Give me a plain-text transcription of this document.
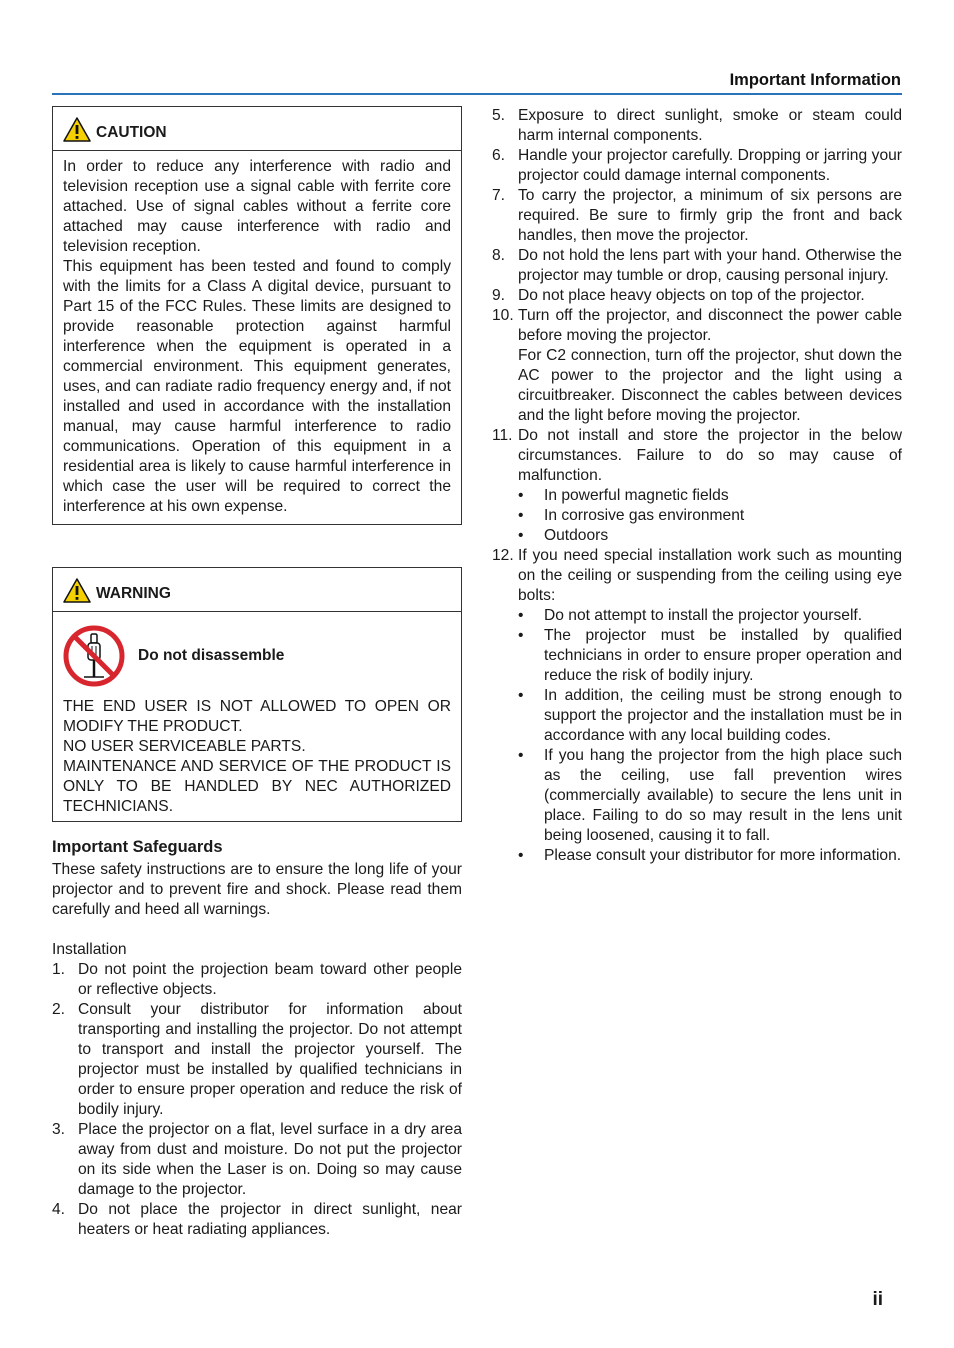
Important Information
CAUTION

In order to reduce any interference with radio and television reception use a signal cable with ferrite core attached. Use of signal cables without a ferrite core attached may cause interference with radio and television reception.

This equipment has been tested and found to comply with the limits for a Class A digital device, pursuant to Part 15 of the FCC Rules. These limits are designed to provide reasonable protection against harmful interference when the equipment is operated in a commercial environment. This equipment generates, uses, and can radiate radio frequency energy and, if not installed and used in accordance with the installation manual, may cause harmful interference to radio communications. Operation of this equipment in a residential area is likely to cause harmful interference in which case the user will be required to correct the interference at his own expense.

WARNING
Do not disassemble

THE END USER IS NOT ALLOWED TO OPEN OR MODIFY THE PRODUCT.

NO USER SERVICEABLE PARTS.

MAINTENANCE AND SERVICE OF THE PRODUCT IS ONLY TO BE HANDLED BY NEC AUTHORIZED TECHNICIANS.

Important Safeguards

These safety instructions are to ensure the long life of your projector and to prevent fire and shock. Please read them carefully and heed all warnings.

Installation
1. Do not point the projection beam toward other people or reflective objects.
2. Consult your distributor for information about transporting and installing the projector. Do not attempt to transport and install the projector yourself. The projector must be installed by qualified technicians in order to ensure proper operation and reduce the risk of bodily injury.
3. Place the projector on a flat, level surface in a dry area away from dust and moisture. Do not put the projector on its side when the Laser is on. Doing so may cause damage to the projector.
4. Do not place the projector in direct sunlight, near heaters or heat radiating appliances.
5. Exposure to direct sunlight, smoke or steam could harm internal components.
6. Handle your projector carefully. Dropping or jarring your projector could damage internal components.
7. To carry the projector, a minimum of six persons are required. Be sure to firmly grip the front and back handles, then move the projector.
8. Do not hold the lens part with your hand. Otherwise the projector may tumble or drop, causing personal injury.
9. Do not place heavy objects on top of the projector.
10. Turn off the projector, and disconnect the power cable before moving the projector.
For C2 connection, turn off the projector, shut down the AC power to the projector and the light using a circuitbreaker. Disconnect the cables between devices and the light before moving the projector.
11. Do not install and store the projector in the below circumstances. Failure to do so may cause of malfunction.
• In powerful magnetic fields
• In corrosive gas environment
• Outdoors
12. If you need special installation work such as mounting on the ceiling or suspending from the ceiling using eye bolts:
• Do not attempt to install the projector yourself.
• The projector must be installed by qualified technicians in order to ensure proper operation and reduce the risk of bodily injury.
• In addition, the ceiling must be strong enough to support the projector and the installation must be in accordance with any local building codes.
• If you hang the projector from the high place such as the ceiling, use fall prevention wires (commercially available) to secure the lens unit in place. Failing to do so may result in the lens unit being loosened, causing it to fall.
• Please consult your distributor for more information.
ii
